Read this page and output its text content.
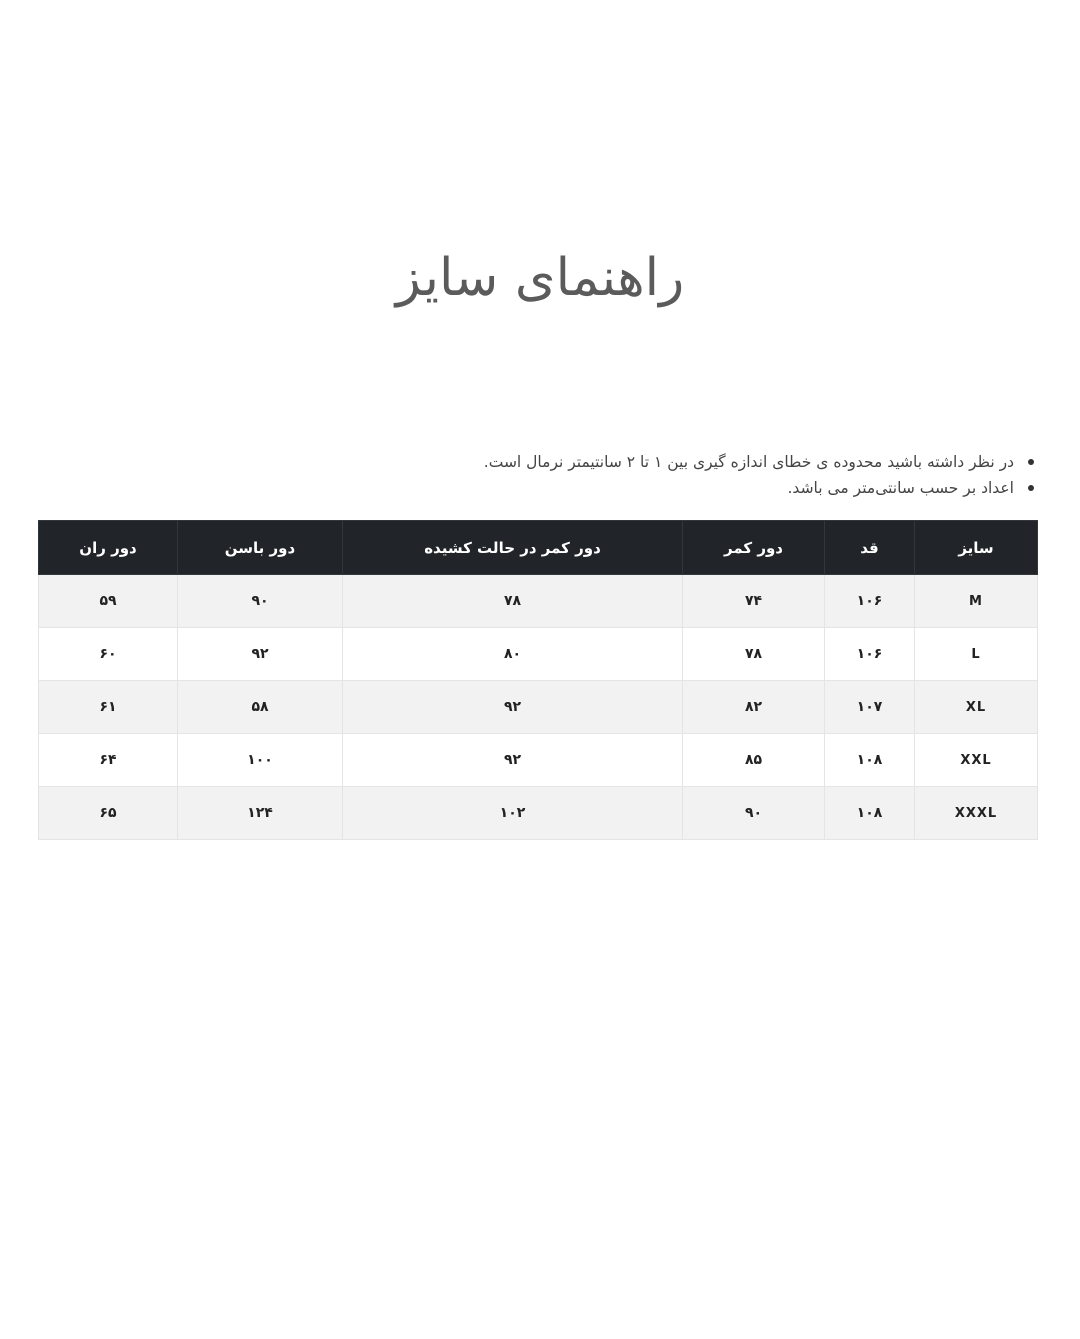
راهنمای سایز
در نظر داشته باشید محدوده ی خطای اندازه گیری بین ۱ تا ۲ سانتیمتر نرمال است.
اعداد بر حسب سانتی‌متر می باشد.
سایز	قد	دور کمر	دور کمر در حالت کشیده	دور باسن	دور ران
M	۱۰۶	۷۴	۷۸	۹۰	۵۹
L	۱۰۶	۷۸	۸۰	۹۲	۶۰
XL	۱۰۷	۸۲	۹۲	۵۸	۶۱
XXL	۱۰۸	۸۵	۹۲	۱۰۰	۶۴
XXXL	۱۰۸	۹۰	۱۰۲	۱۲۴	۶۵
